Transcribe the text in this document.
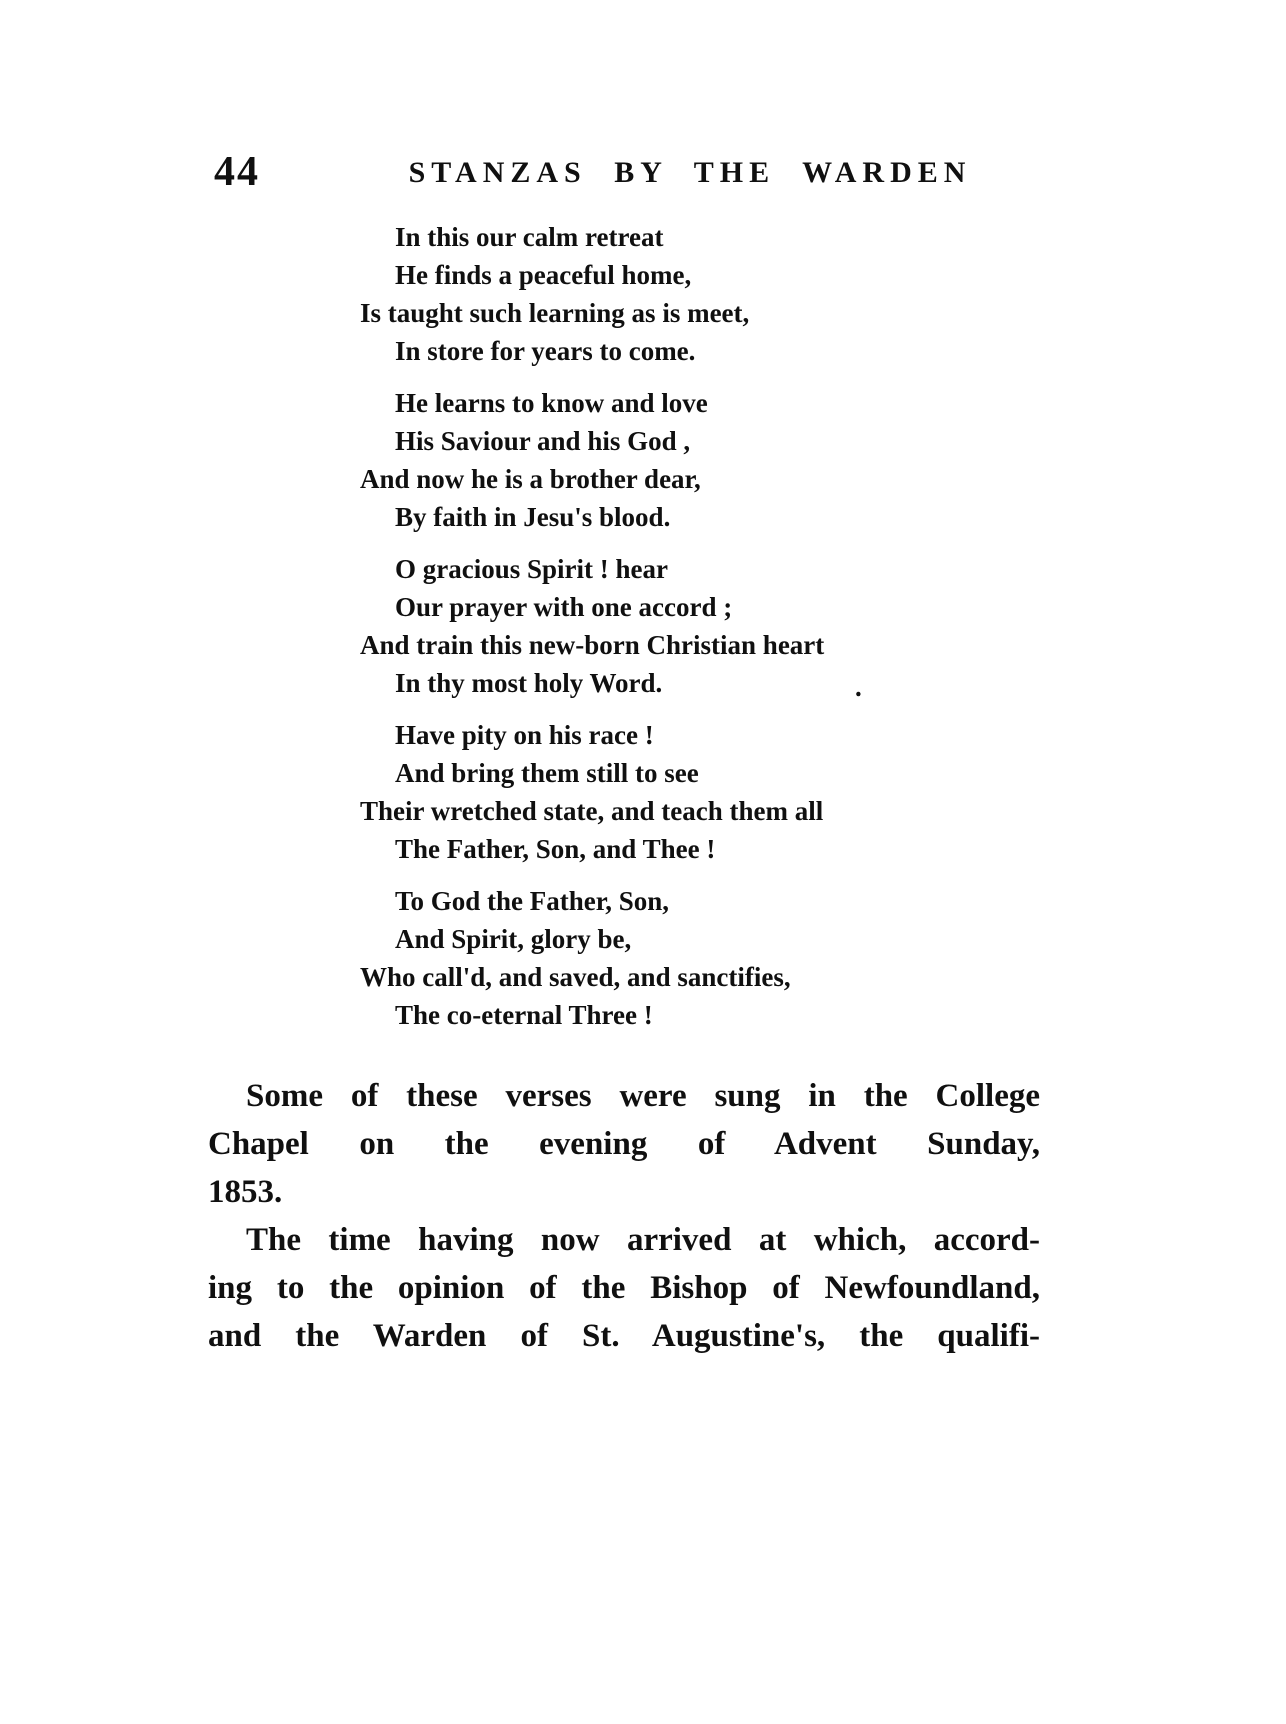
44	STANZAS BY THE WARDEN
In this our calm retreat
He finds a peaceful home,
Is taught such learning as is meet,
In store for years to come.
He learns to know and love
His Saviour and his God ,
And now he is a brother dear,
By faith in Jesu's blood.
O gracious Spirit ! hear
Our prayer with one accord ;
And train this new-born Christian heart
In thy most holy Word.
Have pity on his race !
And bring them still to see
Their wretched state, and teach them all
The Father, Son, and Thee !
To God the Father, Son,
And Spirit, glory be,
Who call'd, and saved, and sanctifies,
The co-eternal Three !
.
Some of these verses were sung in the College
Chapel on the evening of Advent Sunday,
1853.
The time having now arrived at which, accord-
ing to the opinion of the Bishop of Newfoundland,
and the Warden of St. Augustine's, the qualifi-
